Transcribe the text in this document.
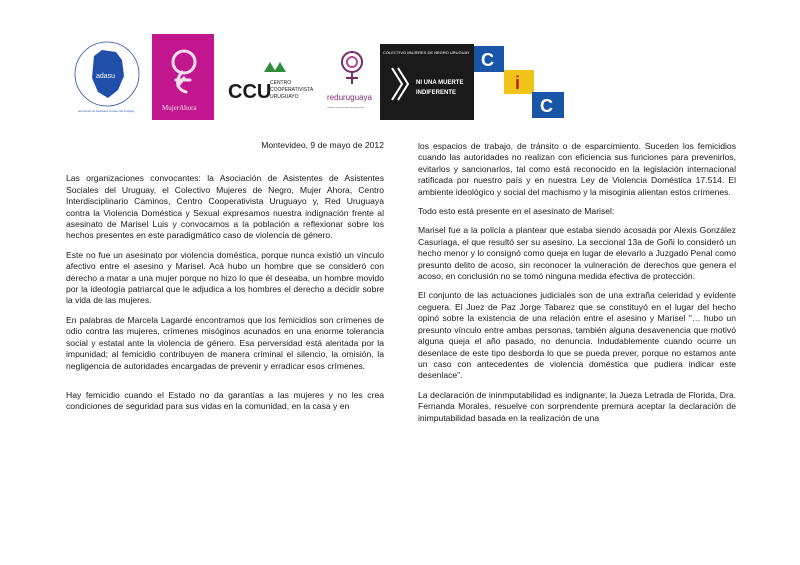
adasu
Asociación de Asistentes Sociales del Uruguay	MujerAhora
CCU
CENTRO
COOPERATIVISTA
URUGUAYO	reduruguaya
contra la violencia doméstica y sexual
COLECTIVO MUJERES DE NEGRO URUGUAY
NI UNA MUERTE
INDIFERENTE
C
i
C

Montevideo, 9 de mayo de 2012

Las organizaciones convocantes: la Asociación de Asistentes de Asistentes Sociales del Uruguay, el Colectivo Mujeres de Negro, Mujer Ahora, Centro Interdisciplinario Caminos, Centro Cooperativista Uruguayo y, Red Uruguaya contra la Violencia Doméstica y Sexual expresamos nuestra indignación frente al asesinato de Marisel Luis y convocamos a la población a reflexionar sobre los hechos presentes en este paradigmático caso de violencia de género.

Este no fue un asesinato por violencia doméstica, porque nunca existió un vínculo afectivo entre el asesino y Marisel. Acá hubo un hombre que se consideró con derecho a matar a una mujer porque no hizo lo que él deseaba, un hombre movido por la ideología patriarcal que le adjudica a los hombres el derecho a decidir sobre la vida de las mujeres.

En palabras de Marcela Lagarde encontramos que los femicidios son crímenes de odio contra las mujeres, crímenes misóginos acunados en una enorme tolerancia social y estatal ante la violencia de género. Esa perversidad está alentada por la impunidad; al femicidio contribuyen de manera criminal el silencio, la omisión, la negligencia de autoridades encargadas de prevenir y erradicar esos crímenes.

Hay femicidio cuando el Estado no da garantías a las mujeres y no les crea condiciones de seguridad para sus vidas en la comunidad, en la casa y en

los espacios de trabajo, de tránsito o de esparcimiento. Suceden los femicidios cuando las autoridades no realizan con eficiencia sus funciones para prevenirlos, evitarlos y sancionarlos, tal como está reconocido en la legislación internacional ratificada por nuestro país y en nuestra Ley de Violencia Doméstica 17.514. El ambiente ideológico y social del machismo y la misoginia alientan estos crímenes.

Todo esto está presente en el asesinato de Marisel:

Marisel fue a la policía a plantear que estaba siendo acosada por Alexis González Casuriaga, el que resultó ser su asesino. La seccional 13a de Goñi lo consideró un hecho menor y lo consignó como queja en lugar de elevarlo a Juzgado Penal como presunto delito de acoso, sin reconocer la vulneración de derechos que genera el acoso, en conclusión no se tomó ninguna medida efectiva de protección.

El conjunto de las actuaciones judiciales son de una extraña celeridad y evidente ceguera. El Juez de Paz Jorge Tabarez que se constituyó en el lugar del hecho opinó sobre la existencia de una relación entre el asesino y Marisel "… hubo un presunto vínculo entre ambas personas, también alguna desavenencia que motivó alguna queja el año pasado, no denuncia. Indudablemente cuando ocurre un desenlace de este tipo desborda lo que se pueda prever, porque no estamos ante un caso con antecedentes de violencia doméstica que pudiera indicar este desenlace".

La declaración de ininmputabilidad es indignante; la Jueza Letrada de Florida, Dra. Fernanda Morales, resuelve con sorprendente premura aceptar la declaración de inimputabilidad basada en la realización de una
